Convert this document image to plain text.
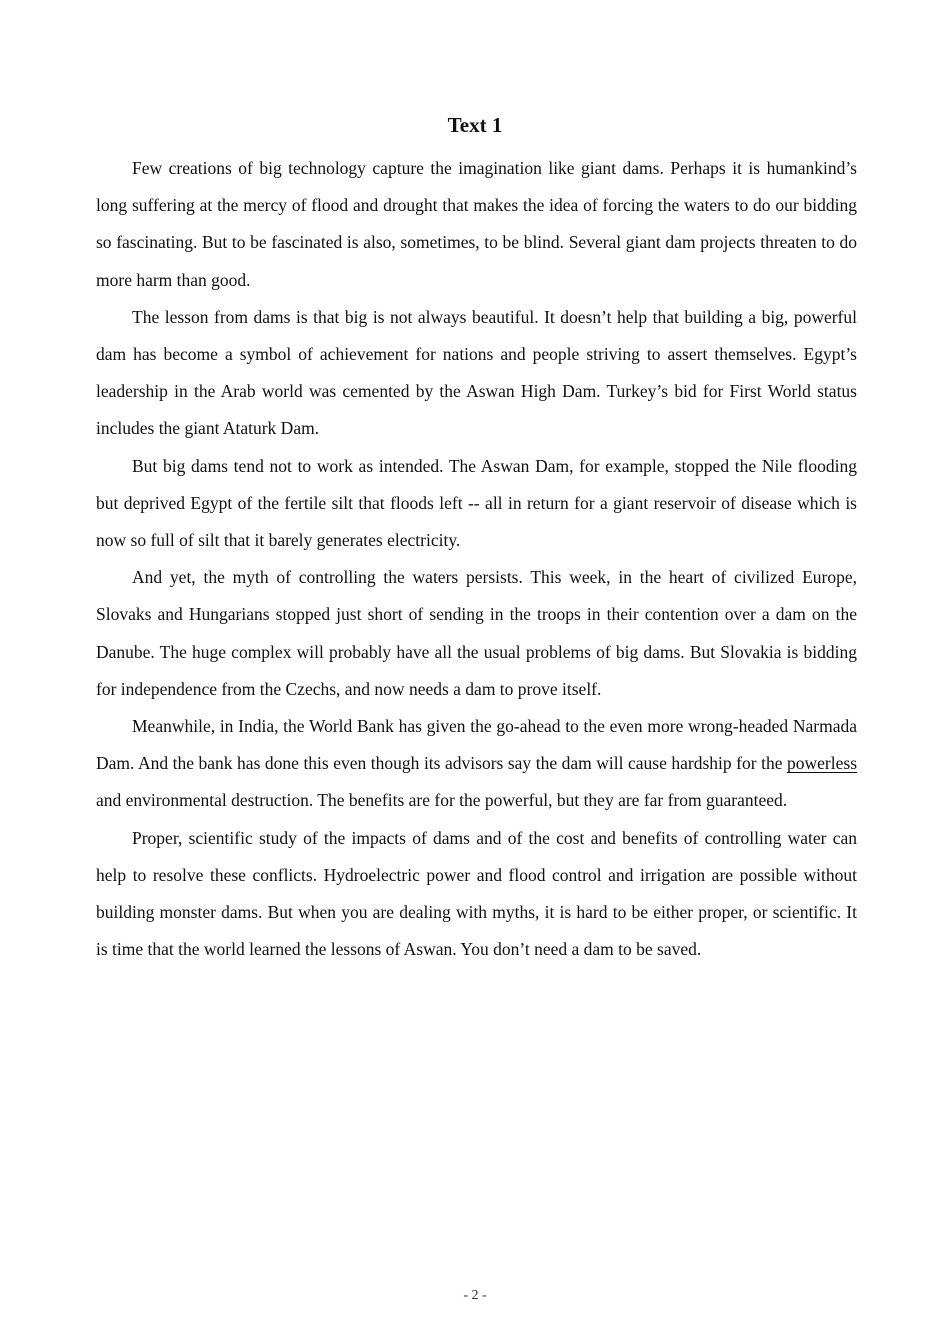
Text 1

Few creations of big technology capture the imagination like giant dams. Perhaps it is humankind’s long suffering at the mercy of flood and drought that makes the idea of forcing the waters to do our bidding so fascinating. But to be fascinated is also, sometimes, to be blind. Several giant dam projects threaten to do more harm than good.

The lesson from dams is that big is not always beautiful. It doesn’t help that building a big, powerful dam has become a symbol of achievement for nations and people striving to assert themselves. Egypt’s leadership in the Arab world was cemented by the Aswan High Dam. Turkey’s bid for First World status includes the giant Ataturk Dam.

But big dams tend not to work as intended. The Aswan Dam, for example, stopped the Nile flooding but deprived Egypt of the fertile silt that floods left -- all in return for a giant reservoir of disease which is now so full of silt that it barely generates electricity.

And yet, the myth of controlling the waters persists. This week, in the heart of civilized Europe, Slovaks and Hungarians stopped just short of sending in the troops in their contention over a dam on the Danube. The huge complex will probably have all the usual problems of big dams. But Slovakia is bidding for independence from the Czechs, and now needs a dam to prove itself.

Meanwhile, in India, the World Bank has given the go-ahead to the even more wrong-headed Narmada Dam. And the bank has done this even though its advisors say the dam will cause hardship for the powerless and environmental destruction. The benefits are for the powerful, but they are far from guaranteed.

Proper, scientific study of the impacts of dams and of the cost and benefits of controlling water can help to resolve these conflicts. Hydroelectric power and flood control and irrigation are possible without building monster dams. But when you are dealing with myths, it is hard to be either proper, or scientific. It is time that the world learned the lessons of Aswan. You don’t need a dam to be saved.

- 2 -
